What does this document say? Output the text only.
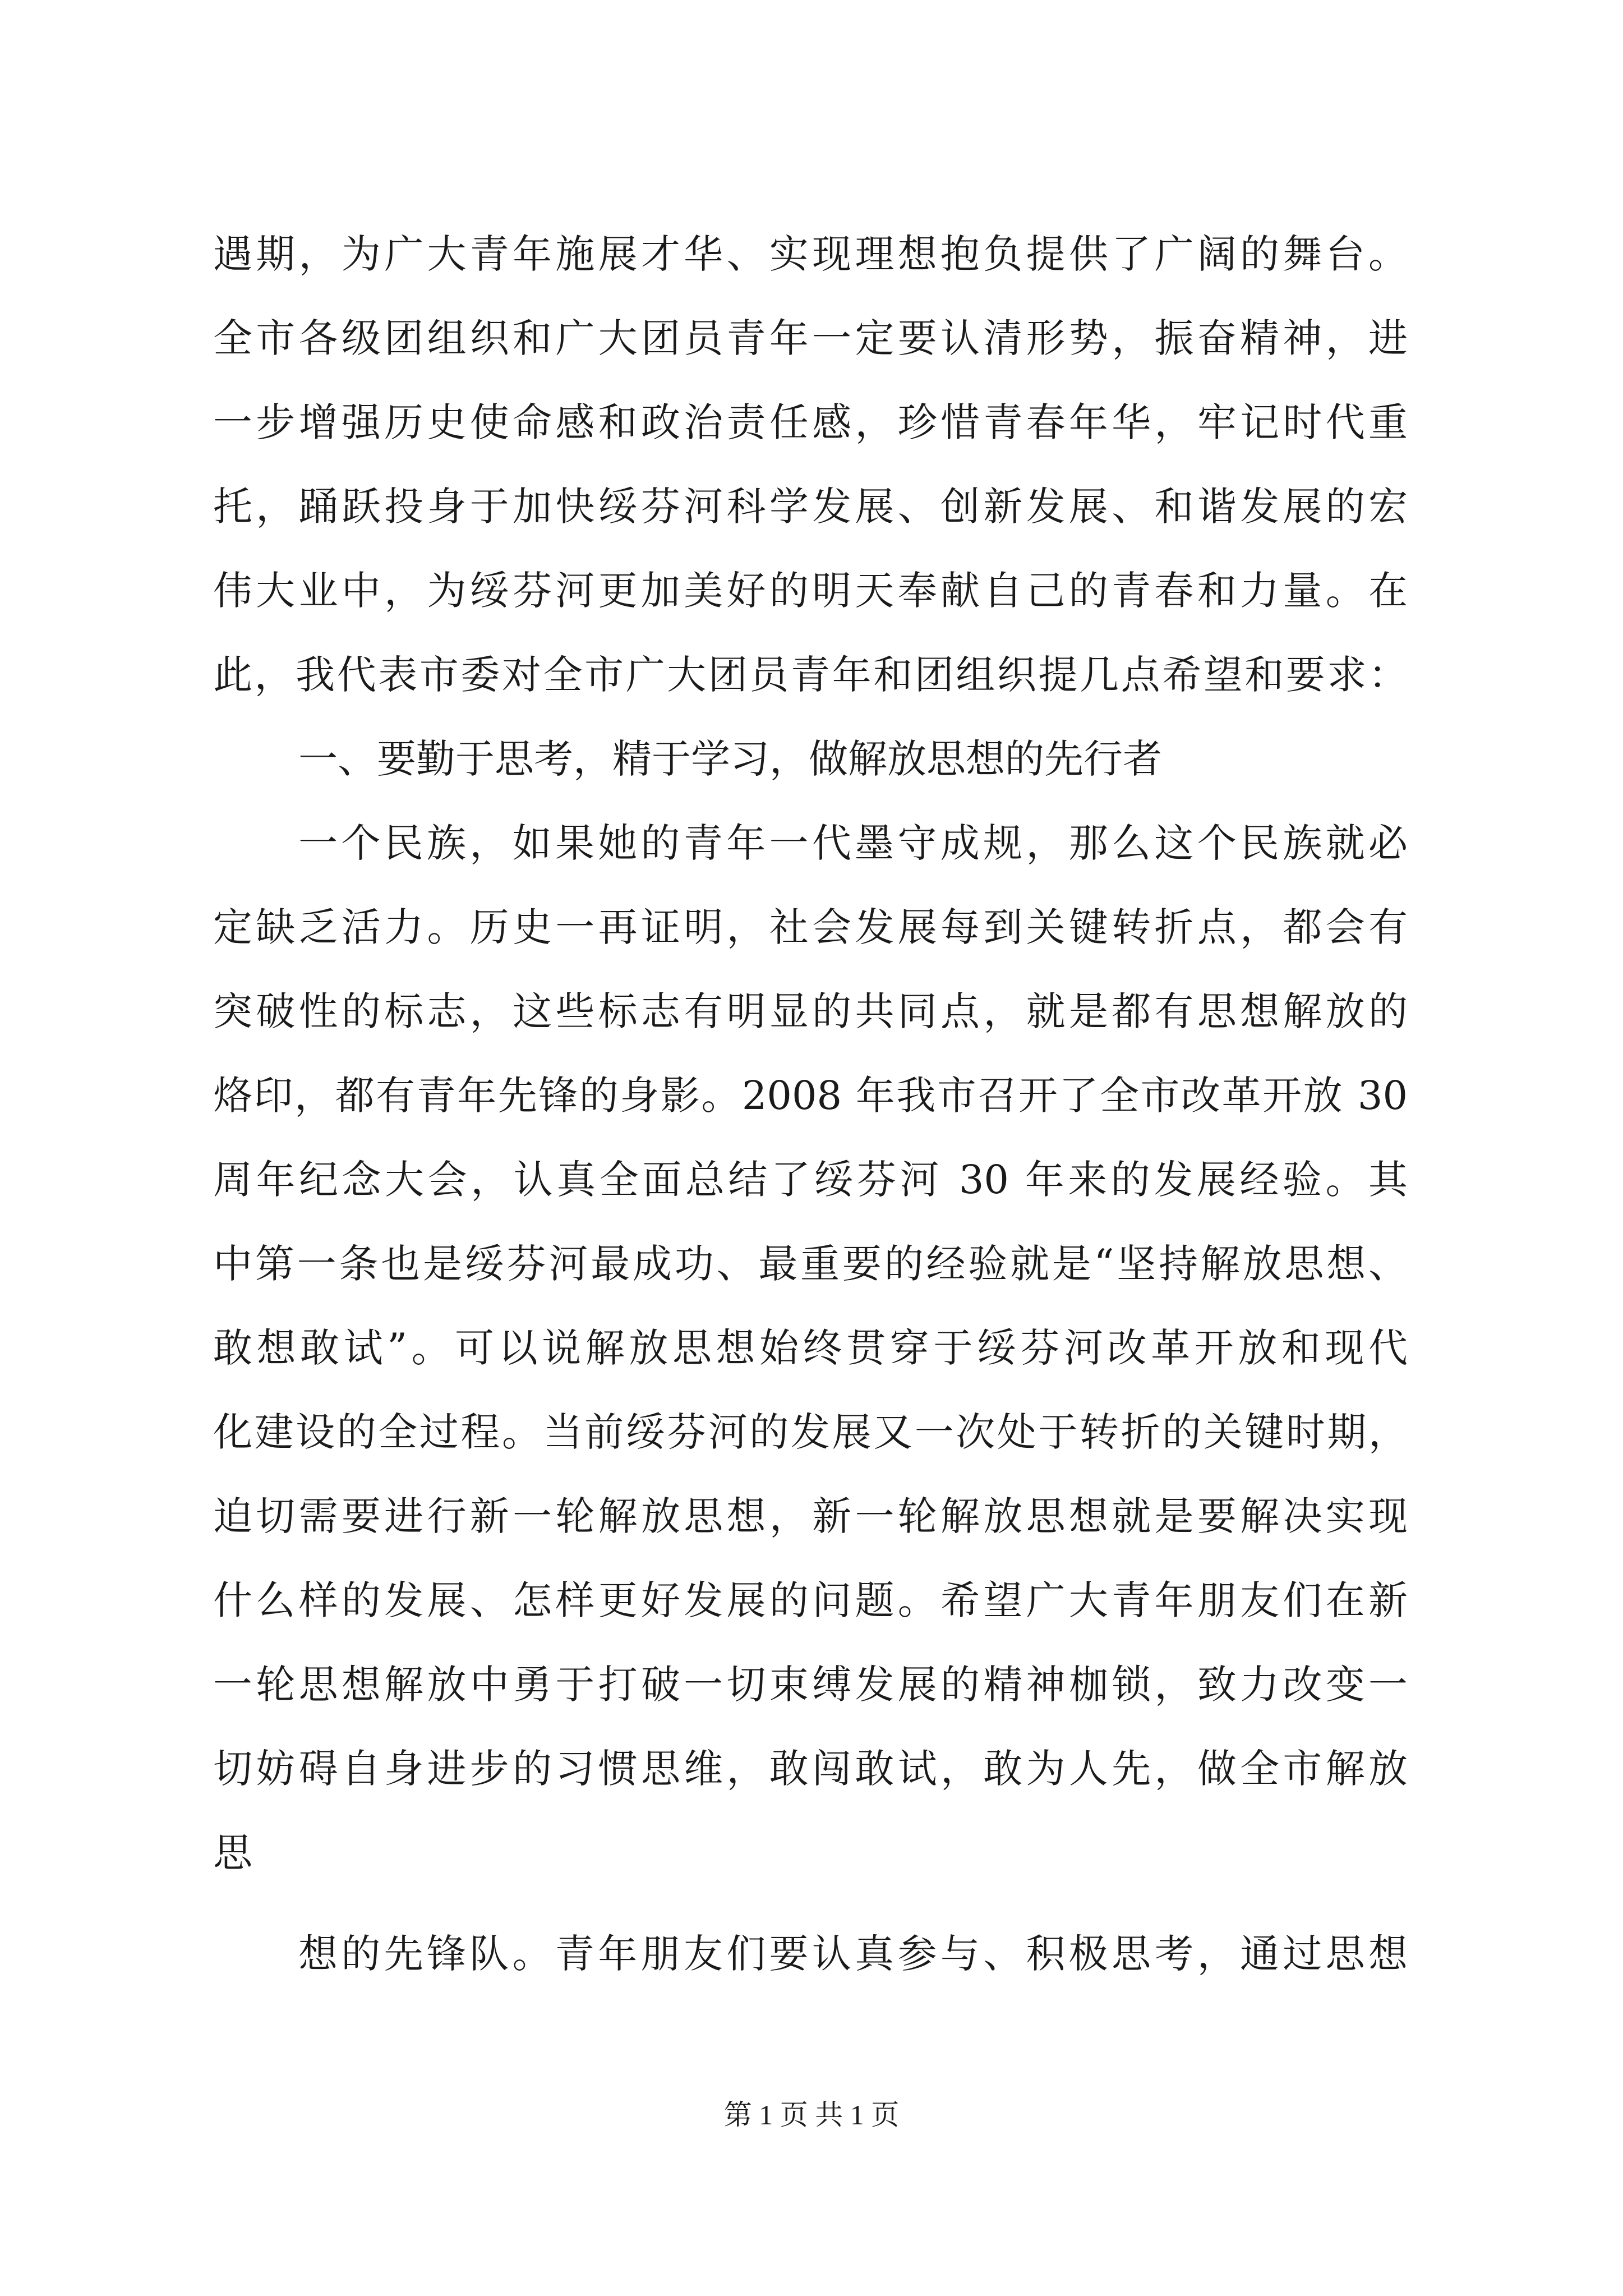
遇期，为广大青年施展才华、实现理想抱负提供了广阔的舞台。
全市各级团组织和广大团员青年一定要认清形势，振奋精神，进
一步增强历史使命感和政治责任感，珍惜青春年华，牢记时代重
托，踊跃投身于加快绥芬河科学发展、创新发展、和谐发展的宏
伟大业中，为绥芬河更加美好的明天奉献自己的青春和力量。在
此，我代表市委对全市广大团员青年和团组织提几点希望和要求：
一、要勤于思考，精于学习，做解放思想的先行者
一个民族，如果她的青年一代墨守成规，那么这个民族就必
定缺乏活力。历史一再证明，社会发展每到关键转折点，都会有
突破性的标志，这些标志有明显的共同点，就是都有思想解放的
烙印，都有青年先锋的身影。2008 年我市召开了全市改革开放 30
周年纪念大会，认真全面总结了绥芬河 30 年来的发展经验。其
中第一条也是绥芬河最成功、最重要的经验就是“坚持解放思想、
敢想敢试”。可以说解放思想始终贯穿于绥芬河改革开放和现代
化建设的全过程。当前绥芬河的发展又一次处于转折的关键时期，
迫切需要进行新一轮解放思想，新一轮解放思想就是要解决实现
什么样的发展、怎样更好发展的问题。希望广大青年朋友们在新
一轮思想解放中勇于打破一切束缚发展的精神枷锁，致力改变一
切妨碍自身进步的习惯思维，敢闯敢试，敢为人先，做全市解放
思
想的先锋队。青年朋友们要认真参与、积极思考，通过思想
第 1 页 共 1 页
